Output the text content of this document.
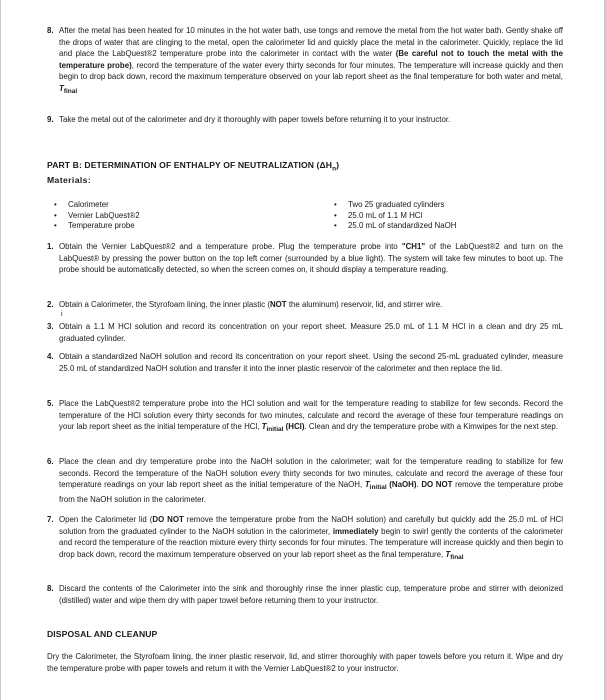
8. After the metal has been heated for 10 minutes in the hot water bath, use tongs and remove the metal from the hot water bath. Gently shake off the drops of water that are clinging to the metal, open the calorimeter lid and quickly place the metal in the calorimeter. Quickly, replace the lid and place the LabQuest®2 temperature probe into the calorimeter in contact with the water (Be careful not to touch the metal with the temperature probe), record the temperature of the water every thirty seconds for four minutes. The temperature will increase quickly and then begin to drop back down, record the maximum temperature observed on your lab report sheet as the final temperature for both water and metal, $T_{final}$
9. Take the metal out of the calorimeter and dry it thoroughly with paper towels before returning it to your instructor.
PART B: DETERMINATION OF ENTHALPY OF NEUTRALIZATION $(\Delta H_n)$
Materials:
• Calorimeter
• Vernier LabQuest®2
• Temperature probe
• Two 25 graduated cylinders
• 25.0 mL of 1.1 M HCl
• 25.0 mL of standardized NaOH
1. Obtain the Vernier LabQuest®2 and a temperature probe. Plug the temperature probe into "CH1" of the LabQuest®2 and turn on the LabQuest® by pressing the power button on the top left corner (surrounded by a blue light). The system will take few minutes to boot up. The probe should be automatically detected, so when the screen comes on, it should display a temperature reading.
2. Obtain a Calorimeter, the Styrofoam lining, the inner plastic (NOT the aluminum) reservoir, lid, and stirrer wire.
i
3. Obtain a 1.1 M HCl solution and record its concentration on your report sheet. Measure 25.0 mL of 1.1 M HCl in a clean and dry 25 mL graduated cylinder.
4. Obtain a standardized NaOH solution and record its concentration on your report sheet. Using the second 25-mL graduated cylinder, measure 25.0 mL of standardized NaOH solution and transfer it into the inner plastic reservoir of the calorimeter and then replace the lid.
5. Place the LabQuest®2 temperature probe into the HCl solution and wait for the temperature reading to stabilize for few seconds. Record the temperature of the HCl solution every thirty seconds for two minutes, calculate and record the average of these four temperature readings on your lab report sheet as the initial temperature of the HCl, $T_{initial}$ (HCl). Clean and dry the temperature probe with a Kimwipes for the next step.
6. Place the clean and dry temperature probe into the NaOH solution in the calorimeter; wait for the temperature reading to stabilize for few seconds. Record the temperature of the NaOH solution every thirty seconds for two minutes, calculate and record the average of these four temperature readings on your lab report sheet as the initial temperature of the NaOH, $T_{initial}$ (NaOH). DO NOT remove the temperature probe from the NaOH solution in the calorimeter.
7. Open the Calorimeter lid (DO NOT remove the temperature probe from the NaOH solution) and carefully but quickly add the 25.0 mL of HCl solution from the graduated cylinder to the NaOH solution in the calorimeter, immediately begin to swirl gently the contents of the calorimeter and record the temperature of the reaction mixture every thirty seconds for four minutes. The temperature will increase quickly and then begin to drop back down, record the maximum temperature observed on your lab report sheet as the final temperature, $T_{final}$
8. Discard the contents of the Calorimeter into the sink and thoroughly rinse the inner plastic cup, temperature probe and stirrer with deionized (distilled) water and wipe them dry with paper towel before returning them to your instructor.
DISPOSAL AND CLEANUP
Dry the Calorimeter, the Styrofoam lining, the inner plastic reservoir, lid, and stirrer thoroughly with paper towels before you return it. Wipe and dry the temperature probe with paper towels and return it with the Vernier LabQuest®2 to your instructor.
